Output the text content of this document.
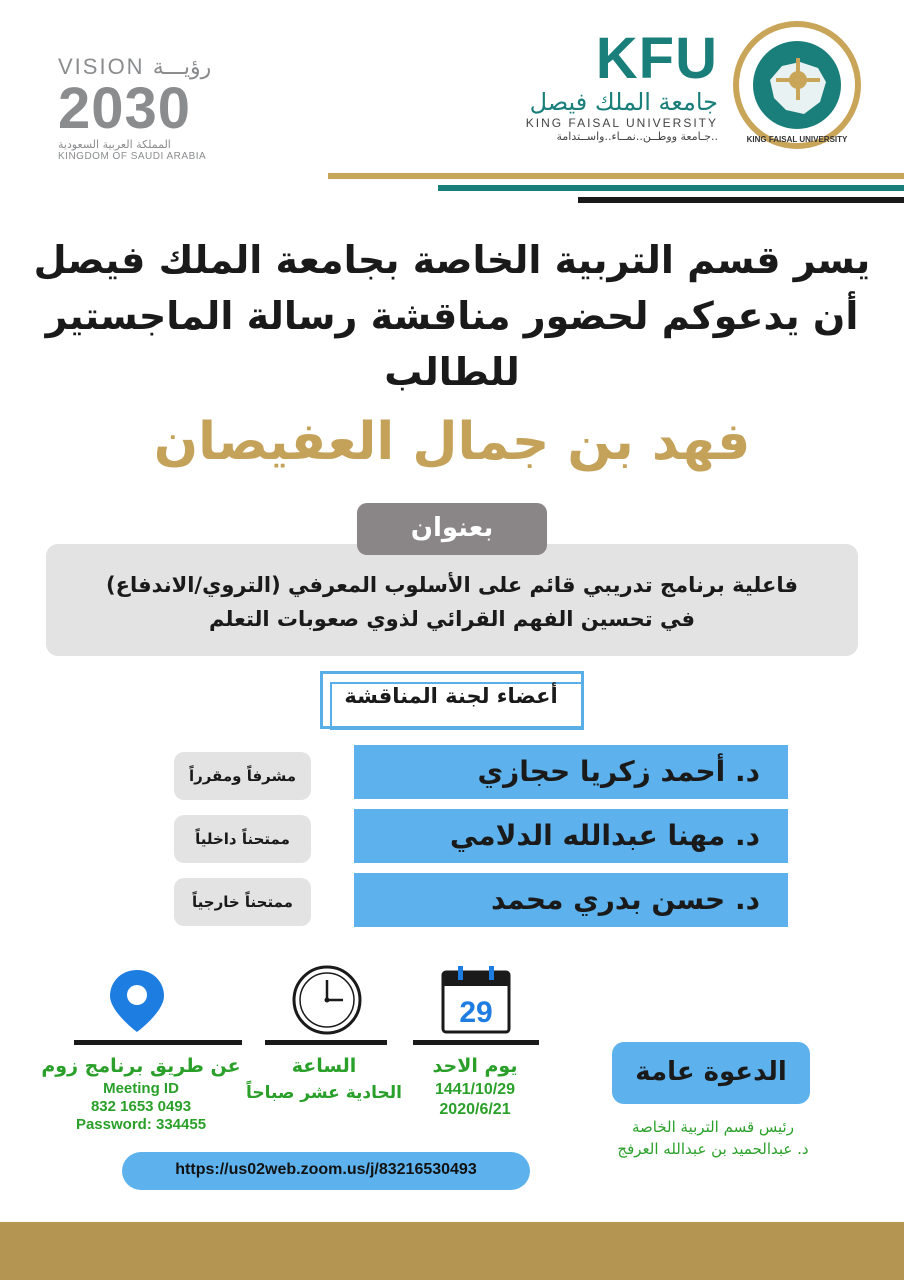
VISION رؤيـــة
2030
المملكة العربية السعودية
KINGDOM OF SAUDI ARABIA
KFU
جامعة الملك فيصل
KING FAISAL UNIVERSITY
جـامعة ووطــن..نمــاء..واســتدامة..	KING FAISAL UNIVERSITY
يسر قسم التربية الخاصة بجامعة الملك فيصل
أن يدعوكم لحضور مناقشة رسالة الماجستير
للطالب
فهد بن جمال العفيصان
بعنوان
فاعلية برنامج تدريبي قائم على الأسلوب المعرفي (التروي/الاندفاع)
في تحسين الفهم القرائي لذوي صعوبات التعلم
أعضاء لجنة المناقشة
د. أحمد زكريا حجازي
مشرفاً ومقرراً
د. مهنا عبدالله الدلامي
ممتحناً داخلياً
د. حسن بدري محمد
ممتحناً خارجياً
29
عن طريق برنامج زوم
Meeting ID
832 1653 0493
Password: 334455
الساعة
الحادية عشر صباحاً
يوم الاحد
1441/10/29
2020/6/21
الدعوة عامة
رئيس قسم التربية الخاصة
د. عبدالحميد بن عبدالله العرفج
https://us02web.zoom.us/j/83216530493
